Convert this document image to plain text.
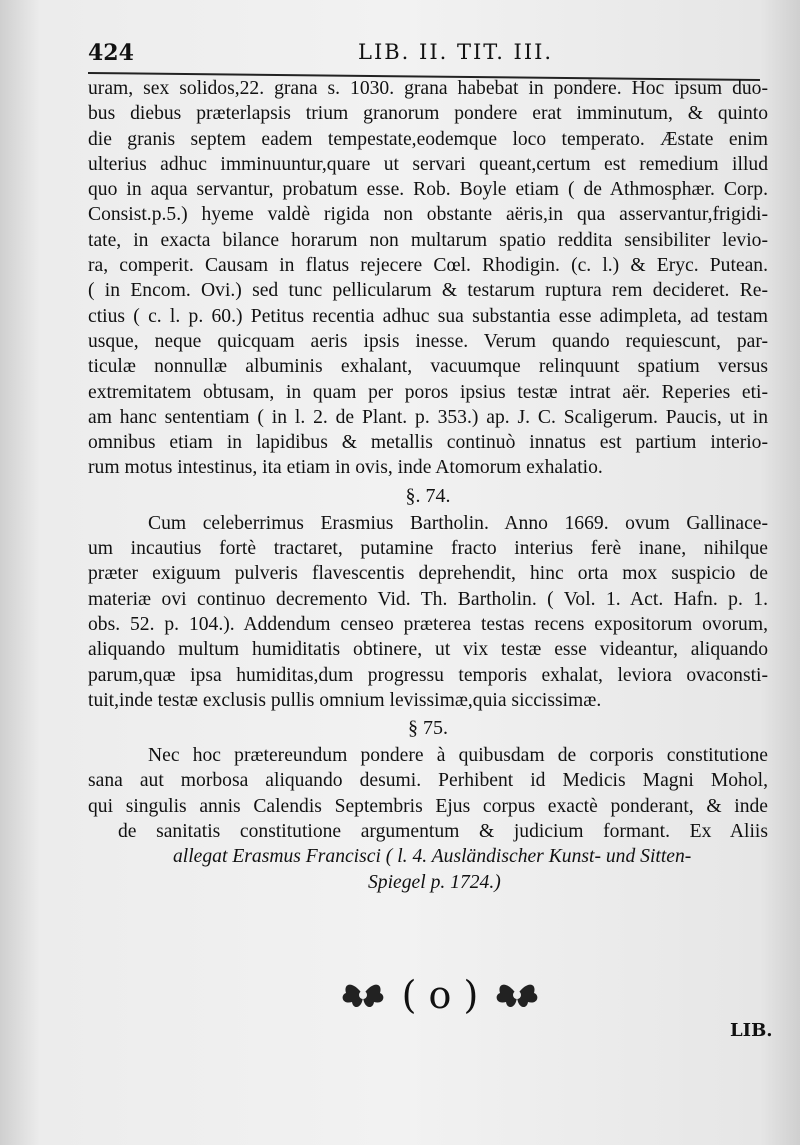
424	LIB. II. TIT. III.
uram, sex solidos,22. grana s. 1030. grana habebat in pondere. Hoc ipsum duo-
bus diebus præterlapsis trium granorum pondere erat imminutum, & quinto
die granis septem eadem tempestate,eodemque loco temperato. Æstate enim
ulterius adhuc imminuuntur,quare ut servari queant,certum est remedium illud
quo in aqua servantur, probatum esse. Rob. Boyle etiam ( de Athmosphær. Corp.
Consist.p.5.) hyeme valdè rigida non obstante aëris,in qua asservantur,frigidi-
tate, in exacta bilance horarum non multarum spatio reddita sensibiliter levio-
ra, comperit. Causam in flatus rejecere Cœl. Rhodigin. (c. l.) & Eryc. Putean.
( in Encom. Ovi.) sed tunc pellicularum & testarum ruptura rem decideret. Re-
ctius ( c. l. p. 60.) Petitus recentia adhuc sua substantia esse adimpleta, ad testam
usque, neque quicquam aeris ipsis inesse. Verum quando requiescunt, par-
ticulæ nonnullæ albuminis exhalant, vacuumque relinquunt spatium versus
extremitatem obtusam, in quam per poros ipsius testæ intrat aër. Reperies eti-
am hanc sententiam ( in l. 2. de Plant. p. 353.) ap. J. C. Scaligerum. Paucis, ut in
omnibus etiam in lapidibus & metallis continuò innatus est partium interio-
rum motus intestinus, ita etiam in ovis, inde Atomorum exhalatio.
§. 74.
Cum celeberrimus Erasmius Bartholin. Anno 1669. ovum Gallinace-
um incautius fortè tractaret, putamine fracto interius ferè inane, nihilque
præter exiguum pulveris flavescentis deprehendit, hinc orta mox suspicio de
materiæ ovi continuo decremento Vid. Th. Bartholin. ( Vol. 1. Act. Hafn. p. 1.
obs. 52. p. 104.). Addendum censeo præterea testas recens expositorum ovorum,
aliquando multum humiditatis obtinere, ut vix testæ esse videantur, aliquando
parum,quæ ipsa humiditas,dum progressu temporis exhalat, leviora ovaconsti-
tuit,inde testæ exclusis pullis omnium levissimæ,quia siccissimæ.
§ 75.
Nec hoc prætereundum pondere à quibusdam de corporis constitutione
sana aut morbosa aliquando desumi. Perhibent id Medicis Magni Mohol,
qui singulis annis Calendis Septembris Ejus corpus exactè ponderant, & inde
de sanitatis constitutione argumentum & judicium formant. Ex Aliis
allegat Erasmus Francisci ( l. 4. Ausländischer Kunst- und Sitten-
Spiegel p. 1724.)
( o )
LIB.
